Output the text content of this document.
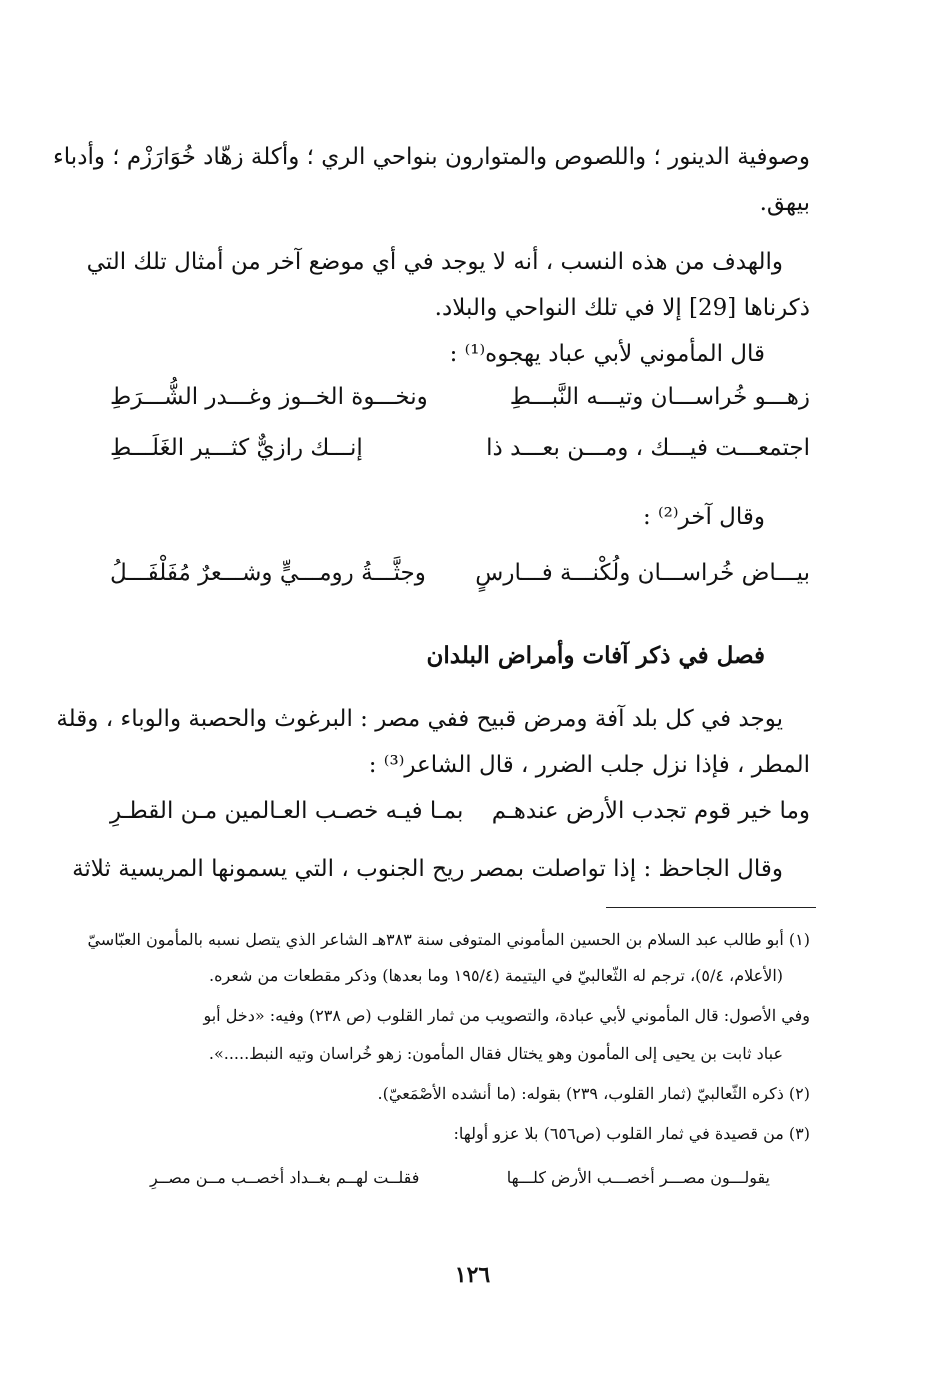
وصوفية الدينور ؛ واللصوص والمتوارون بنواحي الري ؛ وأكلة زهّاد خُوَارَزْم ؛ وأدباء
بيهق.
والهدف من هذه النسب ، أنه لا يوجد في أي موضع آخر من أمثال تلك التي
ذكرناها [29] إلا في تلك النواحي والبلاد.
قال المأموني لأبي عباد يهجوه⁽¹⁾ :
زهـــو خُراســـان وتيـــه النَّبـــطِ
ونخـــوة الخــوز وغـــدر الشُّـــرَطِ
اجتمعـــت فيـــك ، ومـــن بعـــد ذا
إنـــك رازيٌّ كثـــير الغَلَـــطِ
وقال آخر⁽²⁾ :
بيـــاض خُراســـان ولُكْنـــة فـــارسٍ
وجثَّـــةُ رومـــيٍّ وشـــعرٌ مُفَلْفَـــلُ
فصل في ذكر آفات وأمراض البلدان
يوجد في كل بلد آفة ومرض قبيح ففي مصر : البرغوث والحصبة والوباء ، وقلة
المطر ، فإذا نزل جلب الضرر ، قال الشاعر⁽³⁾ :
وما خير قوم تجدب الأرض عندهـم
بمـا فيـه خصـب العـالمين مـن القطـرِ
وقال الجاحظ : إذا تواصلت بمصر ريح الجنوب ، التي يسمونها المريسية ثلاثة
(١) أبو طالب عبد السلام بن الحسين المأموني المتوفى سنة ٣٨٣هـ الشاعر الذي يتصل نسبه بالمأمون العبّاسيّ
(الأعلام، ٥/٤)، ترجم له الثّعالبيّ في اليتيمة (١٩٥/٤ وما بعدها) وذكر مقطعات من شعره.
وفي الأصول: قال المأموني لأبي عبادة، والتصويب من ثمار القلوب (ص ٢٣٨) وفيه: «دخل أبو
عباد ثابت بن يحيى إلى المأمون وهو يختال فقال المأمون: زهو خُراسان وتيه النبط.....».
(٢) ذكره الثّعالبيّ (ثمار القلوب، ٢٣٩) بقوله: (ما أنشده الأصْمَعيّ).
(٣) من قصيدة في ثمار القلوب (ص٦٥٦) بلا عزو أولها:
يقولـــون مصـــر أخصـــب الأرض كلـــها
فقلــت لهــم بغــداد أخصــب مــن مصــرِ
١٢٦
